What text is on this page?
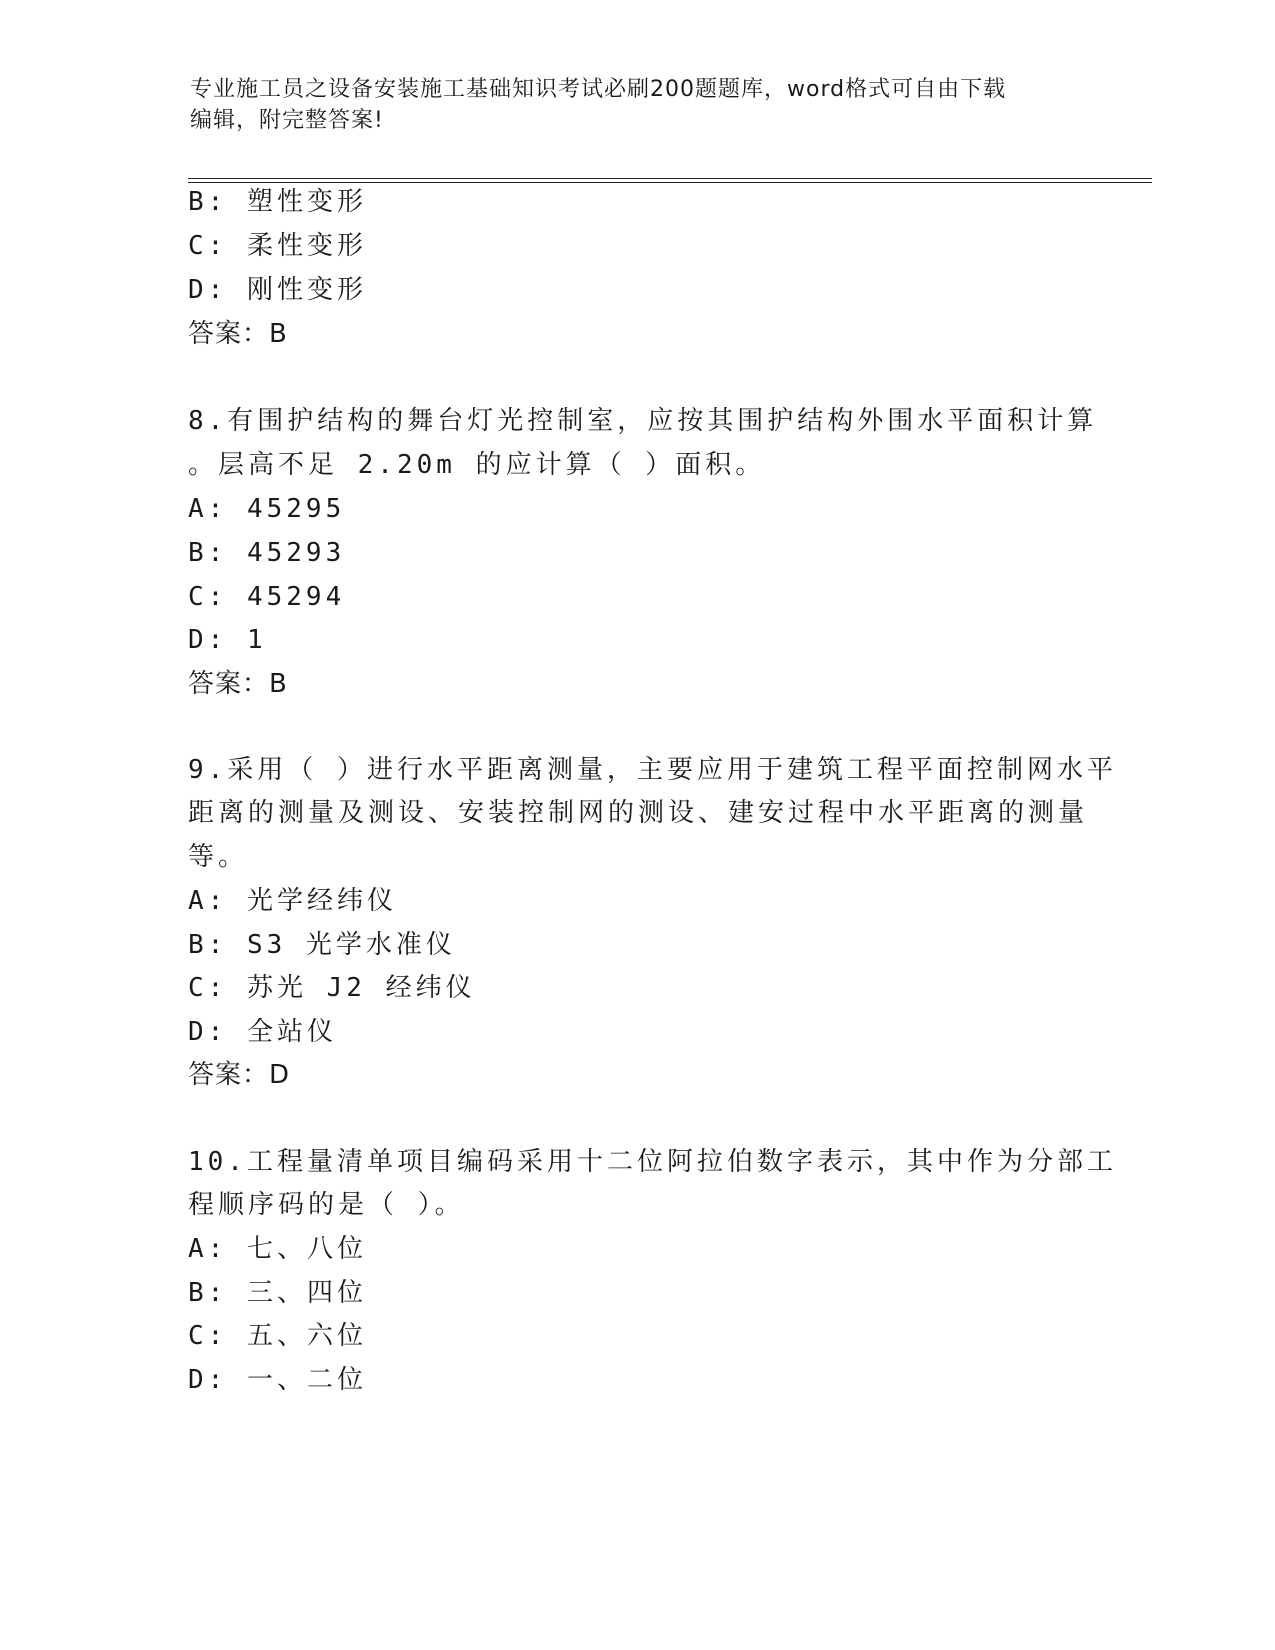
专业施工员之设备安装施工基础知识考试必刷200题题库，word格式可自由下载
编辑，附完整答案!
B: 塑性变形
C: 柔性变形
D: 刚性变形
答案：B
8.有围护结构的舞台灯光控制室，应按其围护结构外围水平面积计算
。层高不足 2.20m 的应计算（ ）面积。
A: 45295
B: 45293
C: 45294
D: 1
答案：B
9.采用（ ）进行水平距离测量，主要应用于建筑工程平面控制网水平
距离的测量及测设、安装控制网的测设、建安过程中水平距离的测量
等。
A: 光学经纬仪
B: S3 光学水准仪
C: 苏光 J2 经纬仪
D: 全站仪
答案：D
10.工程量清单项目编码采用十二位阿拉伯数字表示，其中作为分部工
程顺序码的是（ ）。
A: 七、八位
B: 三、四位
C: 五、六位
D: 一、二位
